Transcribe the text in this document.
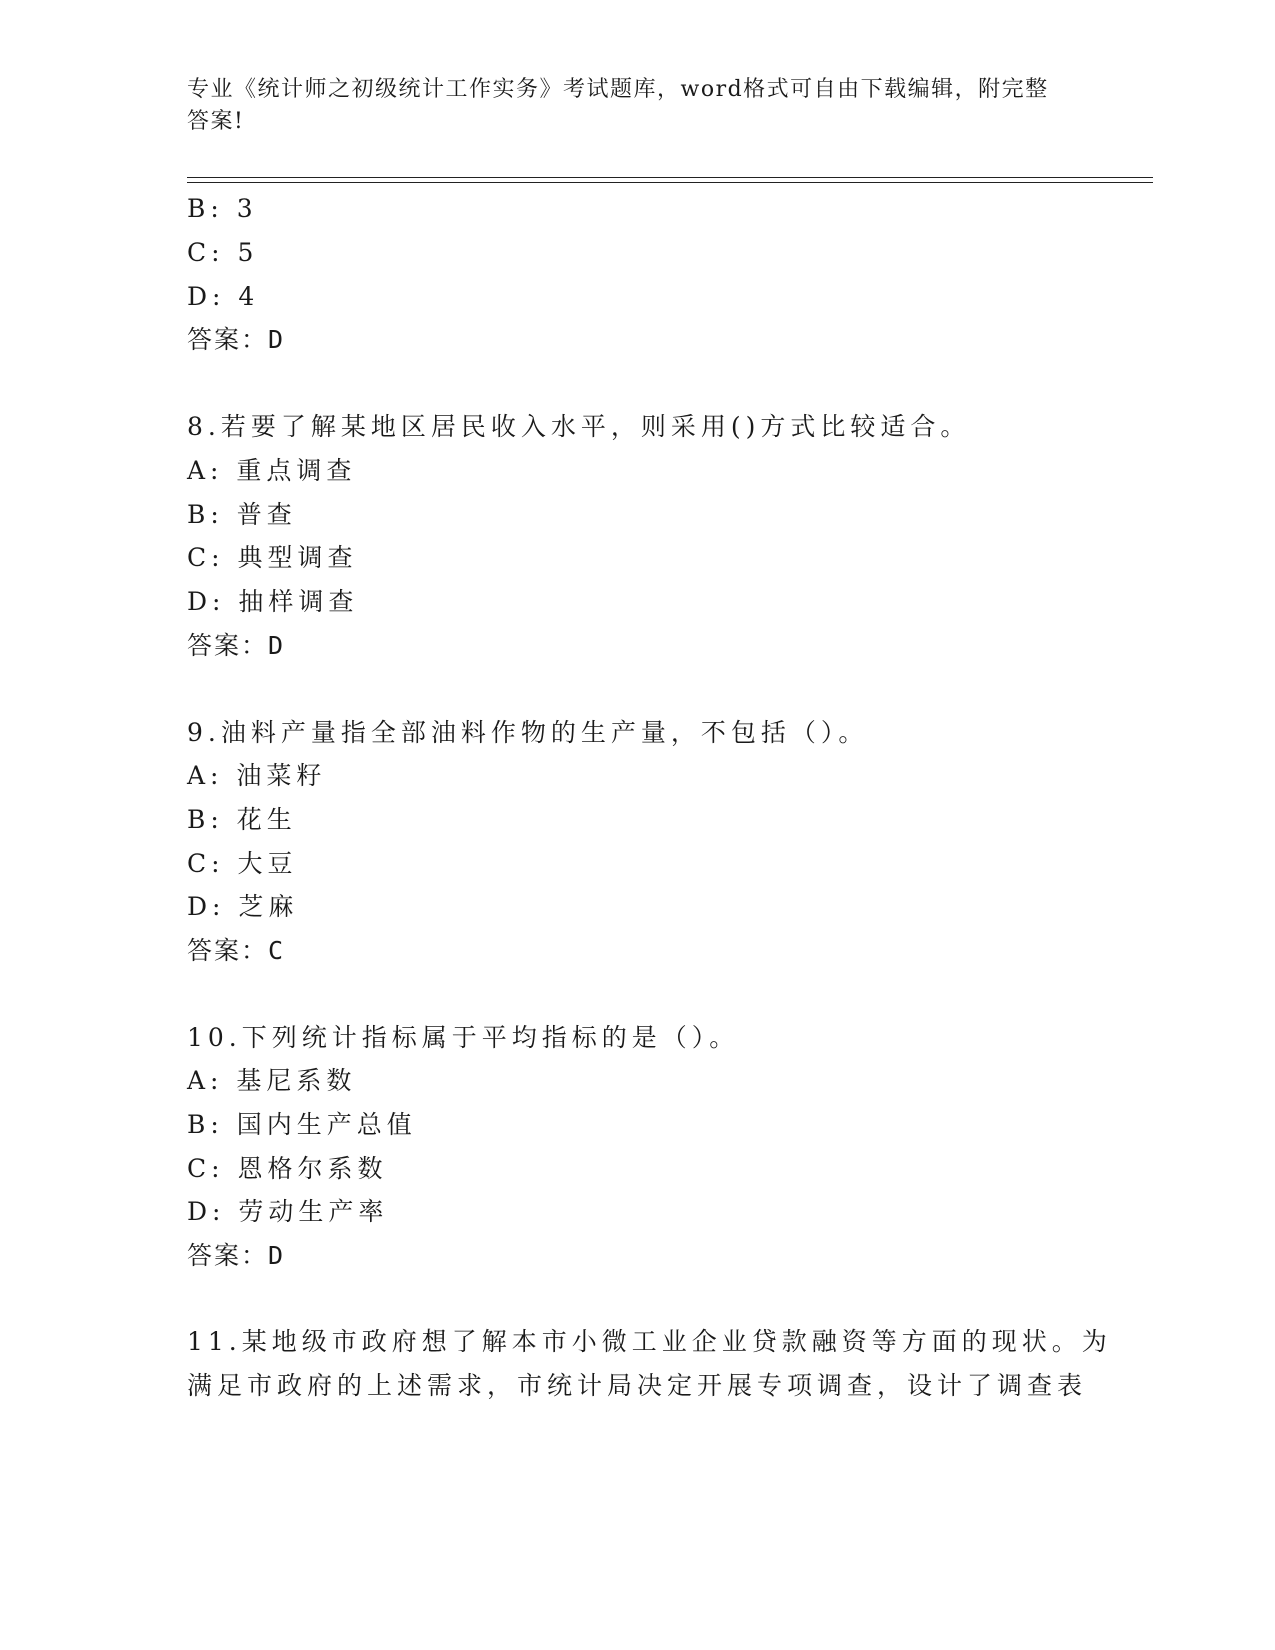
专业《统计师之初级统计工作实务》考试题库，word格式可自由下载编辑，附完整答案!
B: 3
C: 5
D: 4
答案：D
8.若要了解某地区居民收入水平，则采用()方式比较适合。
A: 重点调查
B: 普查
C: 典型调查
D: 抽样调查
答案：D
9.油料产量指全部油料作物的生产量，不包括（）。
A: 油菜籽
B: 花生
C: 大豆
D: 芝麻
答案：C
10.下列统计指标属于平均指标的是（）。
A: 基尼系数
B: 国内生产总值
C: 恩格尔系数
D: 劳动生产率
答案：D
11.某地级市政府想了解本市小微工业企业贷款融资等方面的现状。为
满足市政府的上述需求，市统计局决定开展专项调查，设计了调查表
